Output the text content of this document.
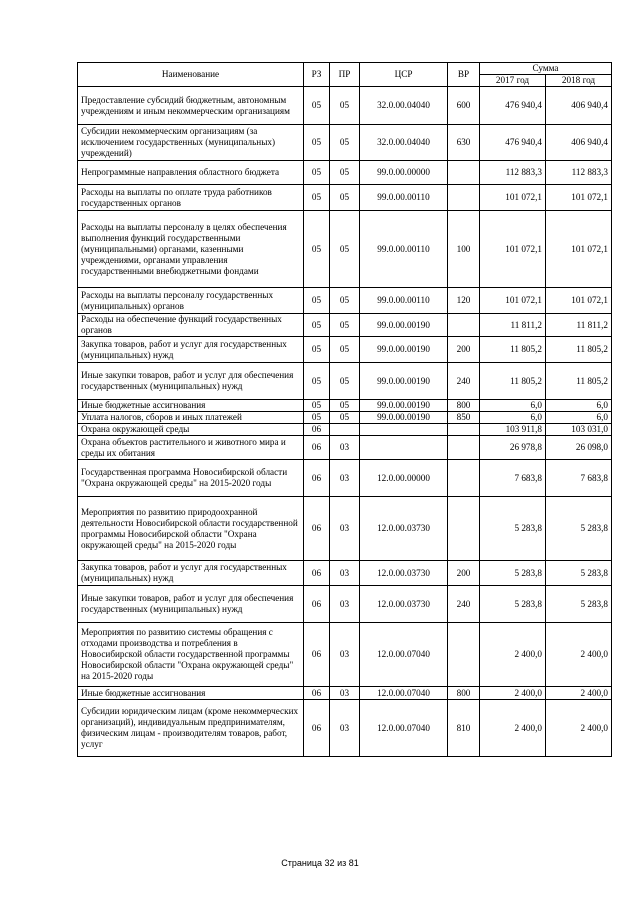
Наименование	РЗ	ПР	ЦСР	ВР	Сумма	
					2017 год	2018 год
Предоставление субсидий бюджетным, автономным учреждениям и иным некоммерческим организациям	05	05	32.0.00.04040	600	476 940,4	406 940,4
Субсидии некоммерческим организациям (за исключением государственных (муниципальных) учреждений)	05	05	32.0.00.04040	630	476 940,4	406 940,4
Непрограммные направления областного бюджета	05	05	99.0.00.00000		112 883,3	112 883,3
Расходы на выплаты по оплате труда работников государственных органов	05	05	99.0.00.00110		101 072,1	101 072,1
Расходы на выплаты персоналу в целях обеспечения выполнения функций государственными (муниципальными) органами, казенными учреждениями, органами управления государственными внебюджетными фондами	05	05	99.0.00.00110	100	101 072,1	101 072,1
Расходы на выплаты персоналу государственных (муниципальных) органов	05	05	99.0.00.00110	120	101 072,1	101 072,1
Расходы на обеспечение функций государственных органов	05	05	99.0.00.00190		11 811,2	11 811,2
Закупка товаров, работ и услуг для государственных (муниципальных) нужд	05	05	99.0.00.00190	200	11 805,2	11 805,2
Иные закупки товаров, работ и услуг для обеспечения государственных (муниципальных) нужд	05	05	99.0.00.00190	240	11 805,2	11 805,2
Иные бюджетные ассигнования	05	05	99.0.00.00190	800	6,0	6,0
Уплата налогов, сборов и иных платежей	05	05	99.0.00.00190	850	6,0	6,0
Охрана окружающей среды	06				103 911,8	103 031,0
Охрана объектов растительного и животного мира и среды их обитания	06	03			26 978,8	26 098,0
Государственная программа Новосибирской области "Охрана окружающей среды" на 2015-2020 годы	06	03	12.0.00.00000		7 683,8	7 683,8
Мероприятия по развитию природоохранной деятельности Новосибирской области государственной программы Новосибирской области "Охрана окружающей среды" на 2015-2020 годы	06	03	12.0.00.03730		5 283,8	5 283,8
Закупка товаров, работ и услуг для государственных (муниципальных) нужд	06	03	12.0.00.03730	200	5 283,8	5 283,8
Иные закупки товаров, работ и услуг для обеспечения государственных (муниципальных) нужд	06	03	12.0.00.03730	240	5 283,8	5 283,8
Мероприятия по развитию системы обращения с отходами производства и потребления в Новосибирской области государственной программы Новосибирской области "Охрана окружающей среды" на 2015-2020 годы	06	03	12.0.00.07040		2 400,0	2 400,0
Иные бюджетные ассигнования	06	03	12.0.00.07040	800	2 400,0	2 400,0
Субсидии юридическим лицам (кроме некоммерческих организаций), индивидуальным предпринимателям, физическим лицам - производителям товаров, работ, услуг	06	03	12.0.00.07040	810	2 400,0	2 400,0
Страница 32 из 81
